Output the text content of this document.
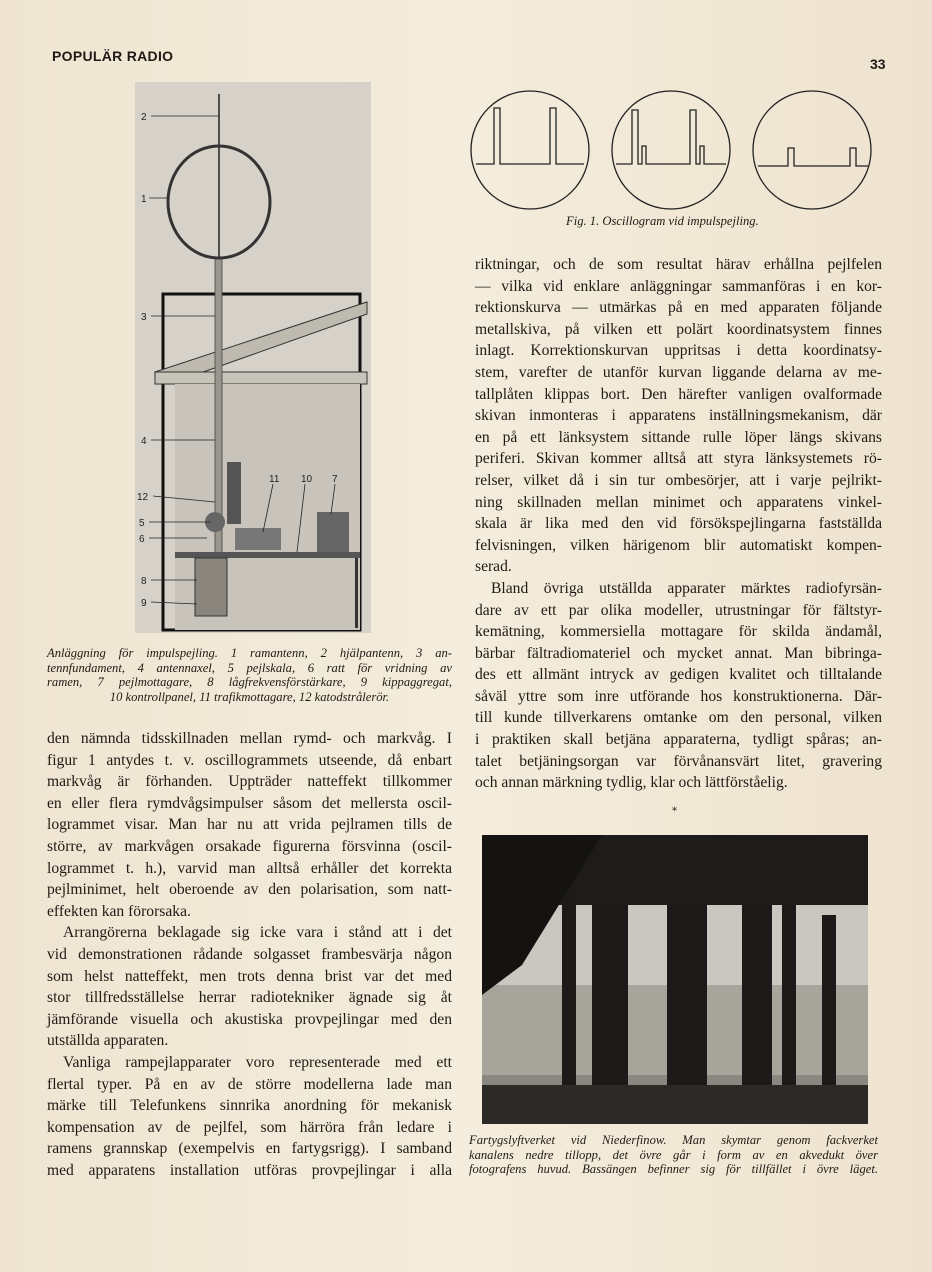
POPULÄR RADIO	33
2
1
3
4
12
5
6
8
9
11 10 7
Anläggning för impulspejling. 1 ramantenn, 2 hjälpantenn, 3 an-
tennfundament, 4 antennaxel, 5 pejlskala, 6 ratt för vridning av
ramen, 7 pejlmottagare, 8 lågfrekvensförstärkare, 9 kippaggregat,
10 kontrollpanel, 11 trafikmottagare, 12 katodstrålerör.
Fig. 1. Oscillogram vid impulspejling.
den nämnda tidsskillnaden mellan rymd- och markvåg. I
figur 1 antydes t. v. oscillogrammets utseende, då enbart
markvåg är förhanden. Uppträder natteffekt tillkommer
en eller flera rymdvågsimpulser såsom det mellersta oscil-
logrammet visar. Man har nu att vrida pejlramen tills de
större, av markvågen orsakade figurerna försvinna (oscil-
logrammet t. h.), varvid man alltså erhåller det korrekta
pejlminimet, helt oberoende av den polarisation, som natt-
effekten kan förorsaka.
Arrangörerna beklagade sig icke vara i stånd att i det
vid demonstrationen rådande solgasset frambesvärja någon
som helst natteffekt, men trots denna brist var det med
stor tillfredsställelse herrar radiotekniker ägnade sig åt
jämförande visuella och akustiska provpejlingar med den
utställda apparaten.
Vanliga rampejlapparater voro representerade med ett
flertal typer. På en av de större modellerna lade man
märke till Telefunkens sinnrika anordning för mekanisk
kompensation av de pejlfel, som härröra från ledare i
ramens grannskap (exempelvis en fartygsrigg). I samband
med apparatens installation utföras provpejlingar i alla
riktningar, och de som resultat härav erhållna pejlfelen
— vilka vid enklare anläggningar sammanföras i en kor-
rektionskurva — utmärkas på en med apparaten följande
metallskiva, på vilken ett polärt koordinatsystem finnes
inlagt. Korrektionskurvan uppritsas i detta koordinatsy-
stem, varefter de utanför kurvan liggande delarna av me-
tallplåten klippas bort. Den härefter vanligen ovalformade
skivan inmonteras i apparatens inställningsmekanism, där
en på ett länksystem sittande rulle löper längs skivans
periferi. Skivan kommer alltså att styra länksystemets rö-
relser, vilket då i sin tur ombesörjer, att i varje pejlrikt-
ning skillnaden mellan minimet och apparatens vinkel-
skala är lika med den vid försökspejlingarna fastställda
felvisningen, vilken härigenom blir automatiskt kompen-
serad.
Bland övriga utställda apparater märktes radiofyrsän-
dare av ett par olika modeller, utrustningar för fältstyr-
kemätning, kommersiella mottagare för skilda ändamål,
bärbar fältradiomateriel och mycket annat. Man bibringa-
des ett allmänt intryck av gedigen kvalitet och tilltalande
såväl yttre som inre utförande hos konstruktionerna. Där-
till kunde tillverkarens omtanke om den personal, vilken
i praktiken skall betjäna apparaterna, tydligt spåras; an-
talet betjäningsorgan var förvånansvärt litet, gravering
och annan märkning tydlig, klar och lättförståelig.
*
Fartygslyftverket vid Niederfinow. Man skymtar genom fackverket
kanalens nedre tillopp, det övre går i form av en akvedukt över
fotografens huvud. Bassängen befinner sig för tillfället i övre läget.
